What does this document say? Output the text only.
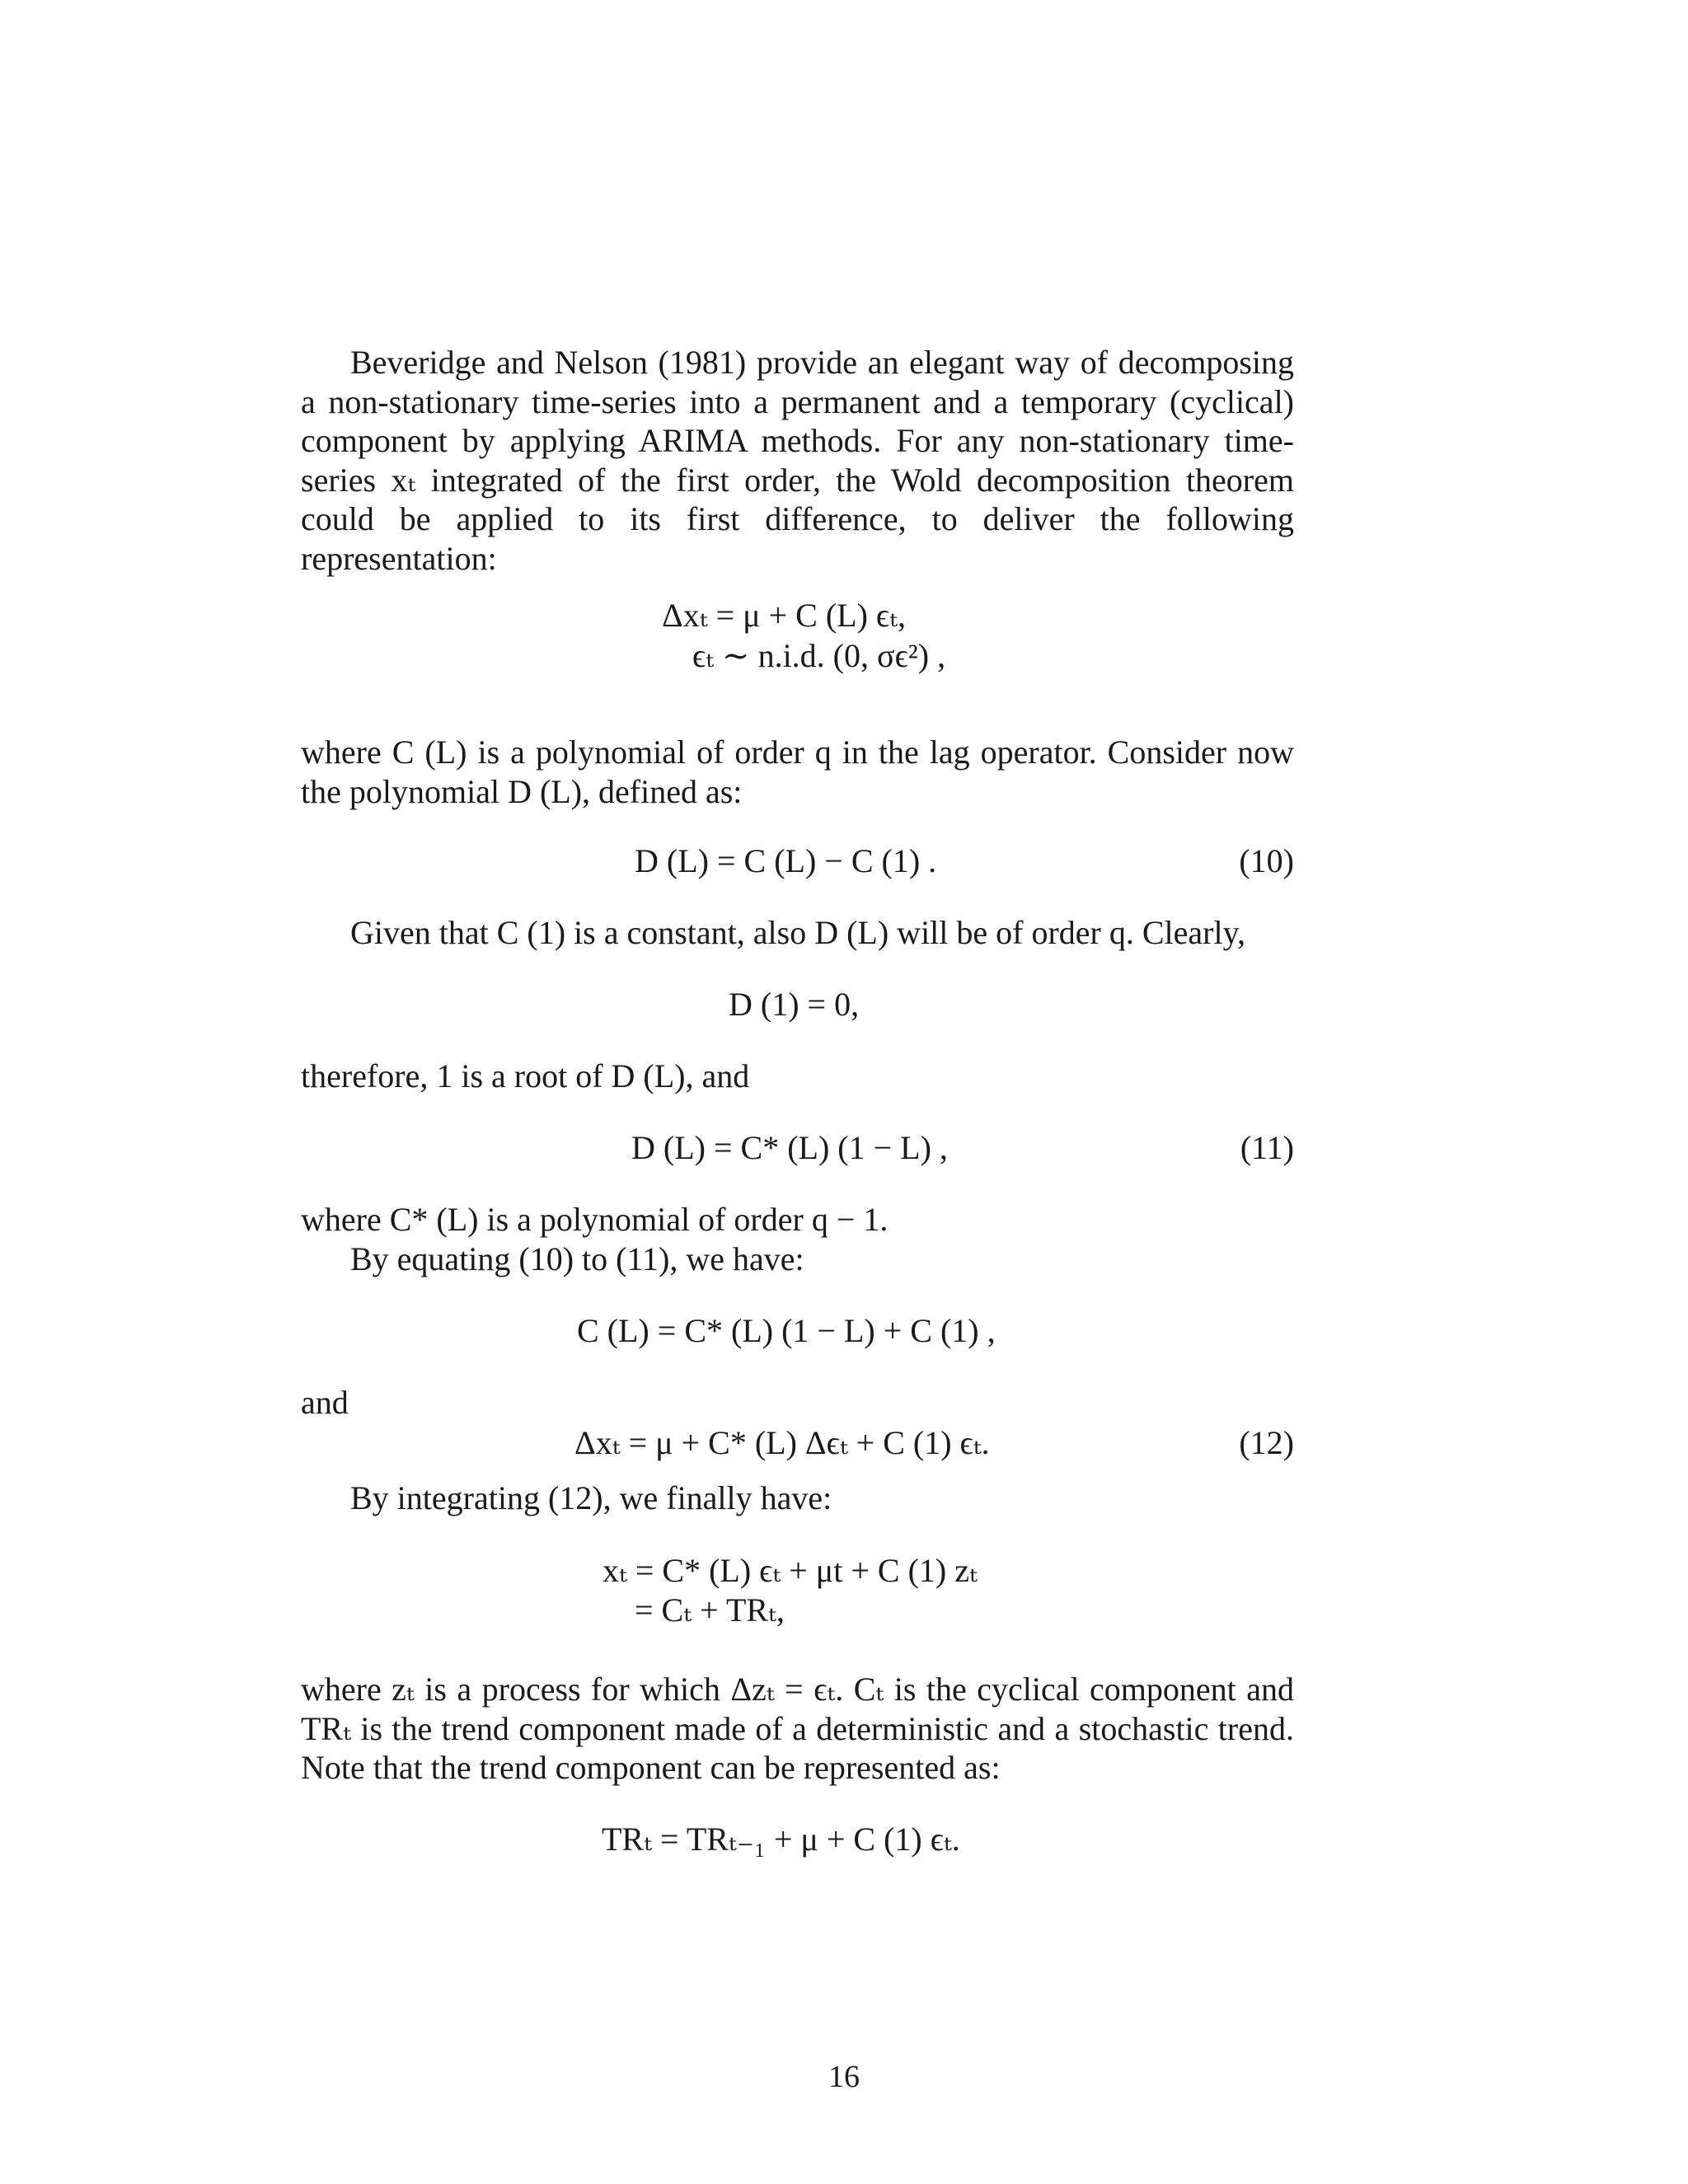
Beveridge and Nelson (1981) provide an elegant way of decomposing a non-stationary time-series into a permanent and a temporary (cyclical) component by applying ARIMA methods. For any non-stationary time-series xₜ integrated of the first order, the Wold decomposition theorem could be applied to its first difference, to deliver the following representation:

Δxₜ = μ + C (L) ϵₜ,
ϵₜ ∼ n.i.d. (0, σϵ²) ,

where C (L) is a polynomial of order q in the lag operator. Consider now the polynomial D (L), defined as:

D (L) = C (L) − C (1) .	(10)

Given that C (1) is a constant, also D (L) will be of order q. Clearly,

D (1) = 0,

therefore, 1 is a root of D (L), and

D (L) = C* (L) (1 − L) ,	(11)

where C* (L) is a polynomial of order q − 1.

By equating (10) to (11), we have:

C (L) = C* (L) (1 − L) + C (1) ,

and

Δxₜ = μ + C* (L) Δϵₜ + C (1) ϵₜ.	(12)

By integrating (12), we finally have:

xₜ = C* (L) ϵₜ + μt + C (1) zₜ
= Cₜ + TRₜ,

where zₜ is a process for which Δzₜ = ϵₜ. Cₜ is the cyclical component and TRₜ is the trend component made of a deterministic and a stochastic trend. Note that the trend component can be represented as:

TRₜ = TRₜ₋₁ + μ + C (1) ϵₜ.
16
